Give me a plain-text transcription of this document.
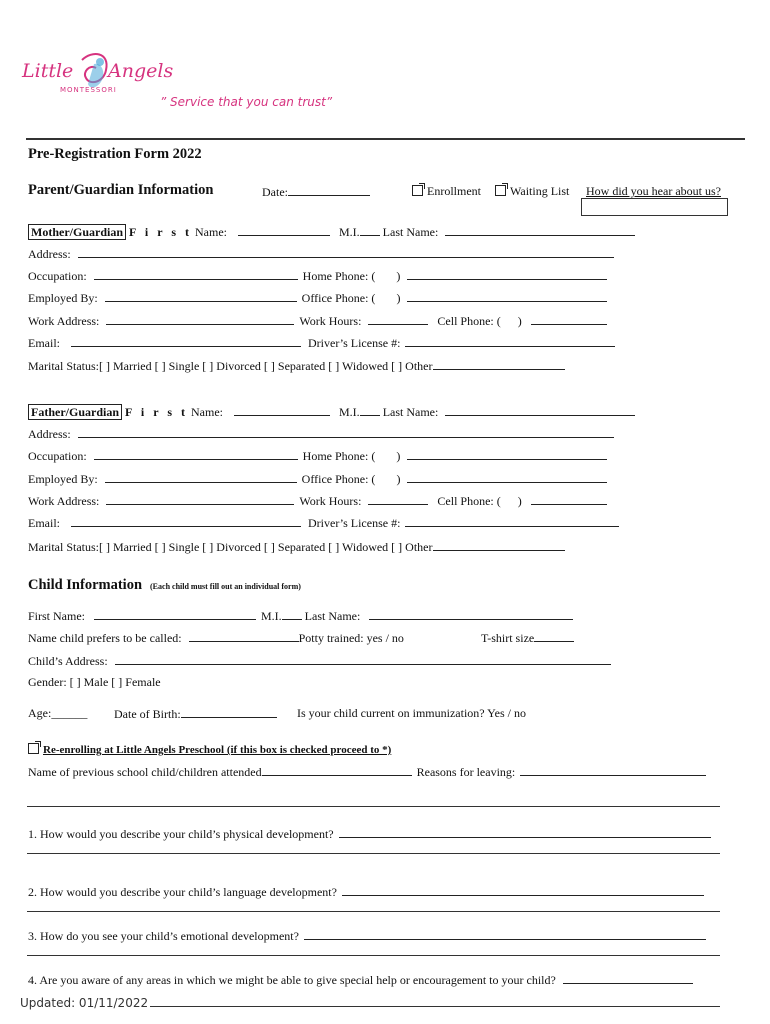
Little Angels
MONTESSORI
” Service that you can trust”
Pre-Registration Form 2022
Parent/Guardian Information	Date:	Enrollment	Waiting List How did you hear about us?
Mother/Guardian F i r s t Name:	M.I. Last Name:
Address:
Occupation:	Home Phone: ( )
Employed By:	Office Phone: ( )
Work Address:	Work Hours:	Cell Phone: ( )
Email:	Driver’s License #:
Marital Status:[ ] Married [ ] Single [ ] Divorced [ ] Separated [ ] Widowed [ ] Other
Father/Guardian F i r s t Name:	M.I. Last Name:
Address:
Occupation:	Home Phone: ( )
Employed By:	Office Phone: ( )
Work Address:	Work Hours:	Cell Phone: ( )
Email:	Driver’s License #:
Marital Status:[ ] Married [ ] Single [ ] Divorced [ ] Separated [ ] Widowed [ ] Other
Child Information (Each child must fill out an individual form)
First Name:	M.I. Last Name:
Name child prefers to be called:	Potty trained: yes / no	T-shirt size
Child’s Address:
Gender: [ ] Male [ ] Female
Age:______ Date of Birth:	Is your child current on immunization? Yes / no
Re-enrolling at Little Angels Preschool (if this box is checked proceed to *)
Name of previous school child/children attended	Reasons for leaving:
1. How would you describe your child’s physical development?
2. How would you describe your child’s language development?
3. How do you see your child’s emotional development?
4. Are you aware of any areas in which we might be able to give special help or encouragement to your child?
Updated: 01/11/2022
